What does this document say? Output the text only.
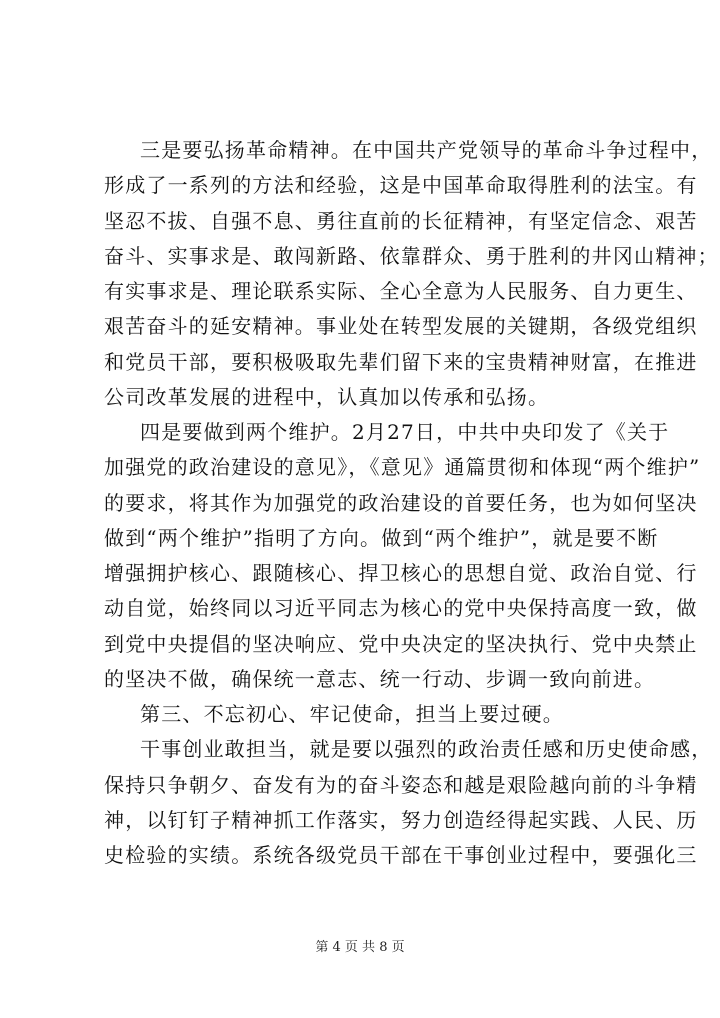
三是要弘扬革命精神。在中国共产党领导的革命斗争过程中，
形成了一系列的方法和经验，这是中国革命取得胜利的法宝。有
坚忍不拔、自强不息、勇往直前的长征精神，有坚定信念、艰苦
奋斗、实事求是、敢闯新路、依靠群众、勇于胜利的井冈山精神；
有实事求是、理论联系实际、全心全意为人民服务、自力更生、
艰苦奋斗的延安精神。事业处在转型发展的关键期，各级党组织
和党员干部，要积极吸取先辈们留下来的宝贵精神财富，在推进
公司改革发展的进程中，认真加以传承和弘扬。
四是要做到两个维护。2月27日，中共中央印发了《关于
加强党的政治建设的意见》，《意见》通篇贯彻和体现“两个维护”
的要求，将其作为加强党的政治建设的首要任务，也为如何坚决
做到“两个维护”指明了方向。做到“两个维护”，就是要不断
增强拥护核心、跟随核心、捍卫核心的思想自觉、政治自觉、行
动自觉，始终同以习近平同志为核心的党中央保持高度一致，做
到党中央提倡的坚决响应、党中央决定的坚决执行、党中央禁止
的坚决不做，确保统一意志、统一行动、步调一致向前进。
第三、不忘初心、牢记使命，担当上要过硬。
干事创业敢担当，就是要以强烈的政治责任感和历史使命感，
保持只争朝夕、奋发有为的奋斗姿态和越是艰险越向前的斗争精
神，以钉钉子精神抓工作落实，努力创造经得起实践、人民、历
史检验的实绩。系统各级党员干部在干事创业过程中，要强化三
第 4 页 共 8 页
